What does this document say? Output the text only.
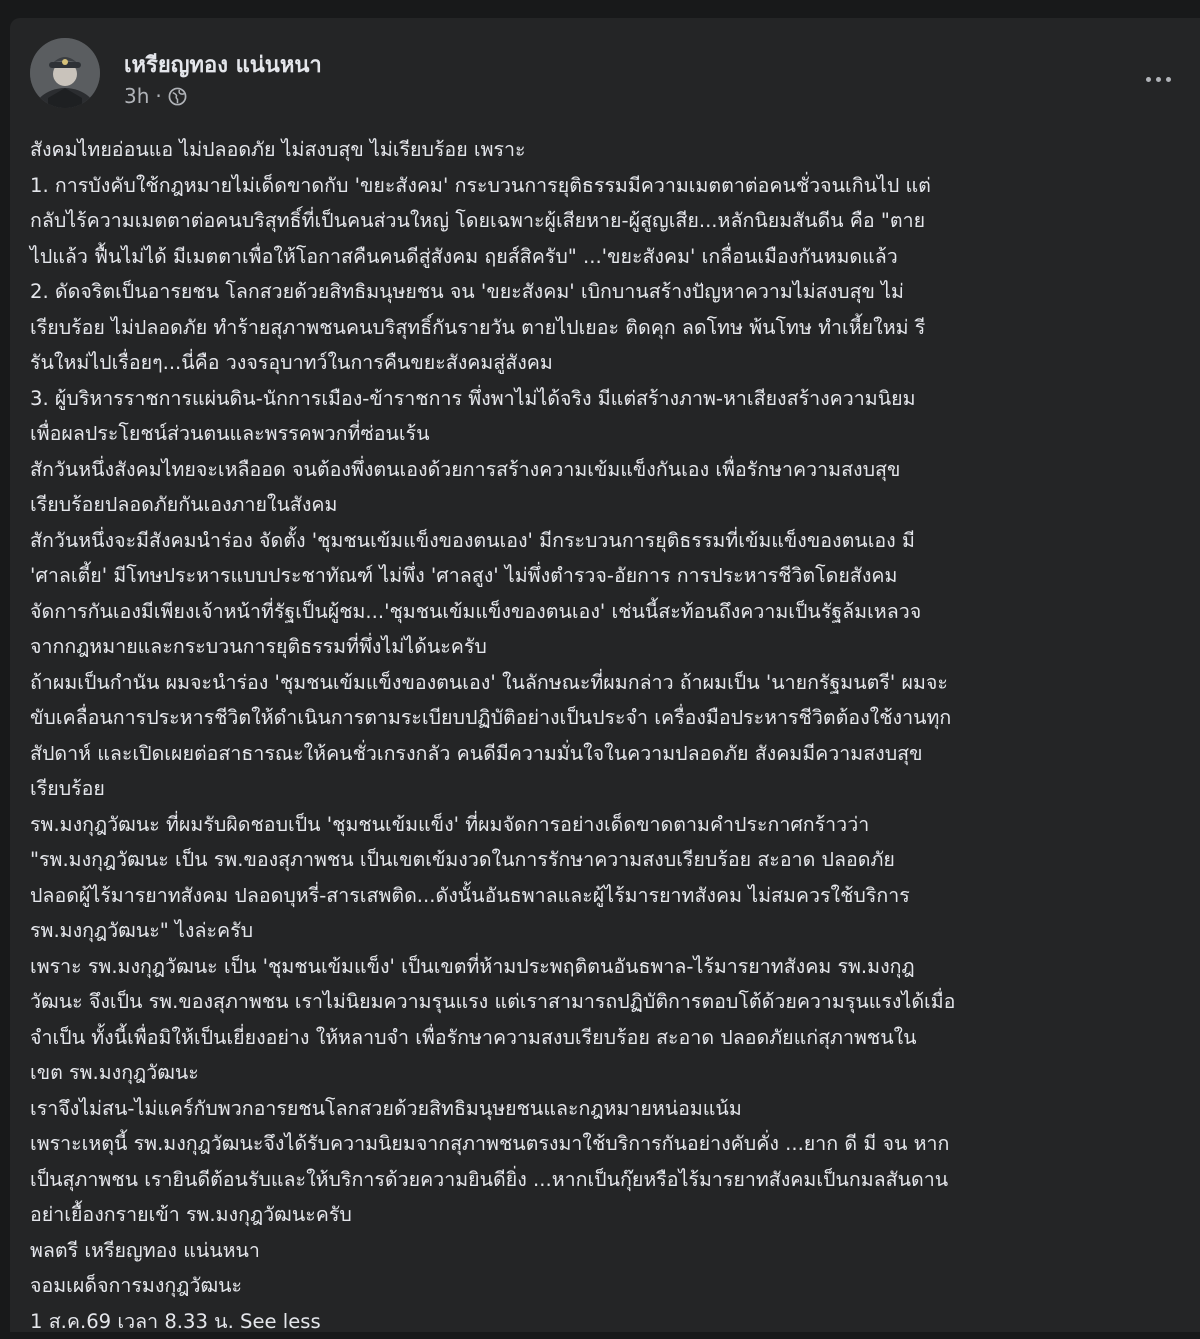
เหรียญทอง แน่นหนา
3h ·
สังคมไทยอ่อนแอ ไม่ปลอดภัย ไม่สงบสุข ไม่เรียบร้อย เพราะ
1. การบังคับใช้กฎหมายไม่เด็ดขาดกับ 'ขยะสังคม' กระบวนการยุติธรรมมีความเมตตาต่อคนชั่วจนเกินไป แต่
กลับไร้ความเมตตาต่อคนบริสุทธิ์ที่เป็นคนส่วนใหญ่ โดยเฉพาะผู้เสียหาย-ผู้สูญเสีย...หลักนิยมสันดีน คือ "ตาย
ไปแล้ว ฟื้นไม่ได้ มีเมตตาเพื่อให้โอกาสคืนคนดีสู่สังคม ฤยส์สิครับ" ...'ขยะสังคม' เกลื่อนเมืองกันหมดแล้ว
2. ดัดจริตเป็นอารยชน โลกสวยด้วยสิทธิมนุษยชน จน 'ขยะสังคม' เบิกบานสร้างปัญหาความไม่สงบสุข ไม่
เรียบร้อย ไม่ปลอดภัย ทำร้ายสุภาพชนคนบริสุทธิ์กันรายวัน ตายไปเยอะ ติดคุก ลดโทษ พ้นโทษ ทำเหี้ยใหม่ รี
รันใหม่ไปเรื่อยๆ...นี่คือ วงจรอุบาทว์ในการคืนขยะสังคมสู่สังคม
3. ผู้บริหารราชการแผ่นดิน-นักการเมือง-ข้าราชการ พึ่งพาไม่ได้จริง มีแต่สร้างภาพ-หาเสียงสร้างความนิยม
เพื่อผลประโยชน์ส่วนตนและพรรคพวกที่ซ่อนเร้น
สักวันหนึ่งสังคมไทยจะเหลืออด จนต้องพึ่งตนเองด้วยการสร้างความเข้มแข็งกันเอง เพื่อรักษาความสงบสุข
เรียบร้อยปลอดภัยกันเองภายในสังคม
สักวันหนึ่งจะมีสังคมนำร่อง จัดตั้ง 'ชุมชนเข้มแข็งของตนเอง' มีกระบวนการยุติธรรมที่เข้มแข็งของตนเอง มี
'ศาลเตี้ย' มีโทษประหารแบบประชาทัณฑ์ ไม่พึ่ง 'ศาลสูง' ไม่พึ่งตำรวจ-อัยการ การประหารชีวิตโดยสังคม
จัดการกันเองมีเพียงเจ้าหน้าที่รัฐเป็นผู้ชม...'ชุมชนเข้มแข็งของตนเอง' เช่นนี้สะท้อนถึงความเป็นรัฐล้มเหลวจ
จากกฎหมายและกระบวนการยุติธรรมที่พึ่งไม่ได้นะครับ
ถ้าผมเป็นกำนัน ผมจะนำร่อง 'ชุมชนเข้มแข็งของตนเอง' ในลักษณะที่ผมกล่าว ถ้าผมเป็น 'นายกรัฐมนตรี' ผมจะ
ขับเคลื่อนการประหารชีวิตให้ดำเนินการตามระเบียบปฏิบัติอย่างเป็นประจำ เครื่องมือประหารชีวิตต้องใช้งานทุก
สัปดาห์ และเปิดเผยต่อสาธารณะให้คนชั่วเกรงกลัว คนดีมีความมั่นใจในความปลอดภัย สังคมมีความสงบสุข
เรียบร้อย
รพ.มงกุฎวัฒนะ ที่ผมรับผิดชอบเป็น 'ชุมชนเข้มแข็ง' ที่ผมจัดการอย่างเด็ดขาดตามคำประกาศกร้าวว่า
"รพ.มงกุฎวัฒนะ เป็น รพ.ของสุภาพชน เป็นเขตเข้มงวดในการรักษาความสงบเรียบร้อย สะอาด ปลอดภัย
ปลอดผู้ไร้มารยาทสังคม ปลอดบุหรี่-สารเสพติด...ดังนั้นอันธพาลและผู้ไร้มารยาทสังคม ไม่สมควรใช้บริการ
รพ.มงกุฎวัฒนะ" ไงล่ะครับ
เพราะ รพ.มงกุฎวัฒนะ เป็น 'ชุมชนเข้มแข็ง' เป็นเขตที่ห้ามประพฤติตนอันธพาล-ไร้มารยาทสังคม รพ.มงกุฎ
วัฒนะ จึงเป็น รพ.ของสุภาพชน เราไม่นิยมความรุนแรง แต่เราสามารถปฏิบัติการตอบโต้ด้วยความรุนแรงได้เมื่อ
จำเป็น ทั้งนี้เพื่อมิให้เป็นเยี่ยงอย่าง ให้หลาบจำ เพื่อรักษาความสงบเรียบร้อย สะอาด ปลอดภัยแก่สุภาพชนใน
เขต รพ.มงกุฎวัฒนะ
เราจึงไม่สน-ไม่แคร์กับพวกอารยชนโลกสวยด้วยสิทธิมนุษยชนและกฎหมายหน่อมแน้ม
เพราะเหตุนี้ รพ.มงกุฎวัฒนะจึงได้รับความนิยมจากสุภาพชนตรงมาใช้บริการกันอย่างคับคั่ง ...ยาก ดี มี จน หาก
เป็นสุภาพชน เรายินดีต้อนรับและให้บริการด้วยความยินดียิ่ง ...หากเป็นกุ๊ยหรือไร้มารยาทสังคมเป็นกมลสันดาน
อย่าเยื้องกรายเข้า รพ.มงกุฎวัฒนะครับ
พลตรี เหรียญทอง แน่นหนา
จอมเผด็จการมงกุฎวัฒนะ
1 ส.ค.69 เวลา 8.33 น. See less
